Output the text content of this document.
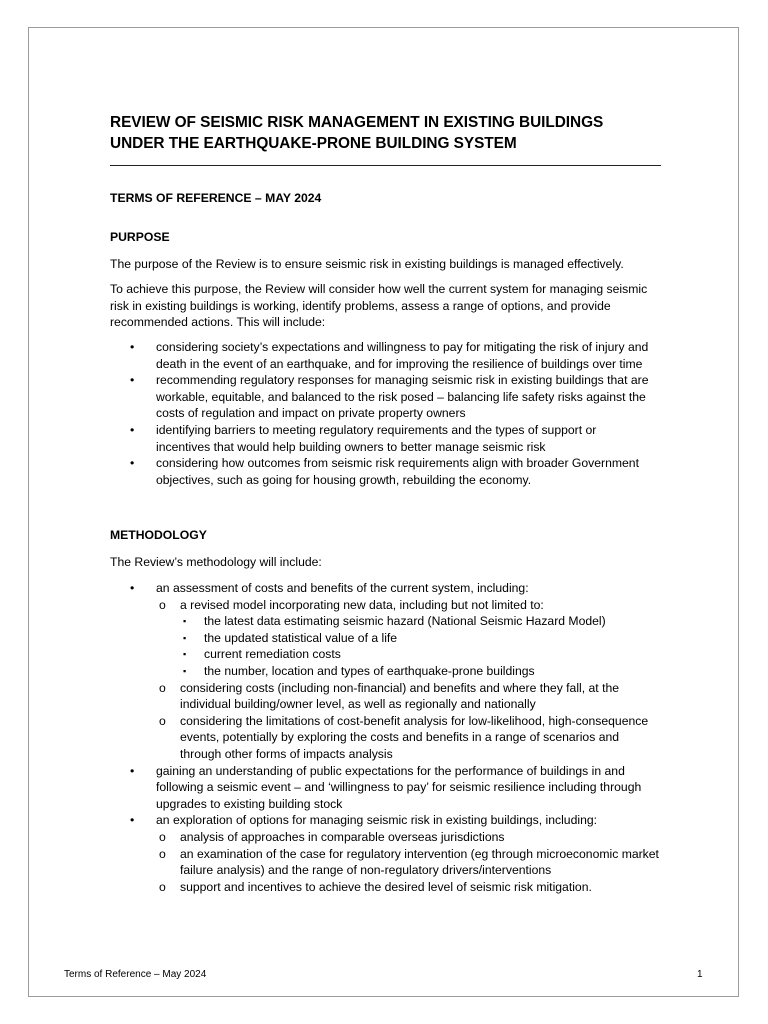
REVIEW OF SEISMIC RISK MANAGEMENT IN EXISTING BUILDINGS
UNDER THE EARTHQUAKE-PRONE BUILDING SYSTEM
TERMS OF REFERENCE – MAY 2024
PURPOSE

The purpose of the Review is to ensure seismic risk in existing buildings is managed effectively.

To achieve this purpose, the Review will consider how well the current system for managing seismic risk in existing buildings is working, identify problems, assess a range of options, and provide recommended actions. This will include:

• considering society’s expectations and willingness to pay for mitigating the risk of injury and death in the event of an earthquake, and for improving the resilience of buildings over time
• recommending regulatory responses for managing seismic risk in existing buildings that are workable, equitable, and balanced to the risk posed – balancing life safety risks against the costs of regulation and impact on private property owners
• identifying barriers to meeting regulatory requirements and the types of support or incentives that would help building owners to better manage seismic risk
• considering how outcomes from seismic risk requirements align with broader Government objectives, such as going for housing growth, rebuilding the economy.
METHODOLOGY

The Review’s methodology will include:

• an assessment of costs and benefits of the current system, including:
o a revised model incorporating new data, including but not limited to:
▪ the latest data estimating seismic hazard (National Seismic Hazard Model)
▪ the updated statistical value of a life
▪ current remediation costs
▪ the number, location and types of earthquake-prone buildings
o considering costs (including non-financial) and benefits and where they fall, at the individual building/owner level, as well as regionally and nationally
o considering the limitations of cost-benefit analysis for low-likelihood, high-consequence events, potentially by exploring the costs and benefits in a range of scenarios and through other forms of impacts analysis
• gaining an understanding of public expectations for the performance of buildings in and following a seismic event – and ‘willingness to pay’ for seismic resilience including through upgrades to existing building stock
• an exploration of options for managing seismic risk in existing buildings, including:
o analysis of approaches in comparable overseas jurisdictions
o an examination of the case for regulatory intervention (eg through microeconomic market failure analysis) and the range of non-regulatory drivers/interventions
o support and incentives to achieve the desired level of seismic risk mitigation.
Terms of Reference – May 2024	1
